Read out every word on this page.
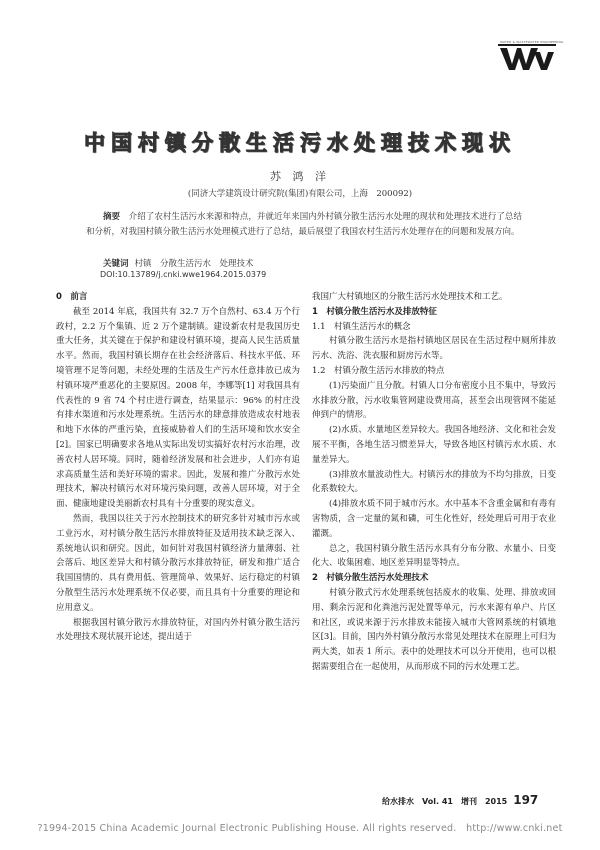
WATER & WASTEWATER ENGINEERING
中国村镇分散生活污水处理技术现状
苏 鸿 洋
(同济大学建筑设计研究院(集团)有限公司，上海　200092)
摘要　 介绍了农村生活污水来源和特点，并就近年来国内外村镇分散生活污水处理的现状和处理技术进行了总结和分析，对我国村镇分散生活污水处理模式进行了总结，最后展望了我国农村生活污水处理存在的问题和发展方向。
关键词 村镇　分散生活污水　处理技术
DOI:10.13789/j.cnki.wwe1964.2015.0379

0　前言

截至 2014 年底，我国共有 32.7 万个自然村、63.4 万个行政村，2.2 万个集镇、近 2 万个建制镇。建设新农村是我国历史重大任务，其关键在于保护和建设村镇环境，提高人民生活质量水平。然而，我国村镇长期存在社会经济落后、科技水平低、环境管理不足等问题，未经处理的生活及生产污水任意排放已成为村镇环境严重恶化的主要原因。2008 年，李娜等[1] 对我国具有代表性的 9 省 74 个村庄进行调查，结果显示：96% 的村庄没有排水渠道和污水处理系统。生活污水的肆意排放造成农村地表和地下水体的严重污染，直接威胁着人们的生活环境和饮水安全[2]。国家已明确要求各地从实际出发切实搞好农村污水治理，改善农村人居环境。同时，随着经济发展和社会进步，人们亦有追求高质量生活和美好环境的需求。因此，发展和推广分散污水处理技术，解决村镇污水对环境污染问题，改善人居环境，对于全面、健康地建设美丽新农村具有十分重要的现实意义。

然而，我国以往关于污水控制技术的研究多针对城市污水或工业污水，对村镇分散生活污水排放特征及适用技术缺乏深入、系统地认识和研究。因此，如何针对我国村镇经济力量薄弱、社会落后、地区差异大和村镇分散污水排放特征，研发和推广适合我国国情的、具有费用低、管理简单、效果好、运行稳定的村镇分散型生活污水处理系统不仅必要，而且具有十分重要的理论和应用意义。

根据我国村镇分散污水排放特征，对国内外村镇分散生活污水处理技术现状展开论述，提出适于

我国广大村镇地区的分散生活污水处理技术和工艺。

1　村镇分散生活污水及排放特征

1.1　村镇生活污水的概念

村镇分散生活污水是指村镇地区居民在生活过程中厕所排放污水、洗浴、洗衣服和厨房污水等。

1.2　村镇分散生活污水排放的特点

(1)污染面广且分散。村镇人口分布密度小且不集中，导致污水排放分散，污水收集管网建设费用高，甚至会出现管网不能延伸到户的情形。

(2)水质、水量地区差异较大。我国各地经济、文化和社会发展不平衡，各地生活习惯差异大，导致各地区村镇污水水质、水量差异大。

(3)排放水量波动性大。村镇污水的排放为不均匀排放，日变化系数较大。

(4)排放水质不同于城市污水。水中基本不含重金属和有毒有害物质，含一定量的氮和磷，可生化性好，经处理后可用于农业灌溉。

总之，我国村镇分散生活污水具有分布分散、水量小、日变化大、收集困难、地区差异明显等特点。

2　村镇分散生活污水处理技术

村镇分散式污水处理系统包括废水的收集、处理、排放或回用、剩余污泥和化粪池污泥处置等单元，污水来源有单户、片区和社区，或说来源于污水排放未能接入城市大管网系统的村镇地区[3]。目前，国内外村镇分散污水常见处理技术在原理上可归为两大类，如表 1 所示。表中的处理技术可以分开使用，也可以根据需要组合在一起使用，从而形成不同的污水处理工艺。

给水排水　Vol. 41　增刊　2015 197
?1994-2015 China Academic Journal Electronic Publishing House. All rights reserved.　http://www.cnki.net
